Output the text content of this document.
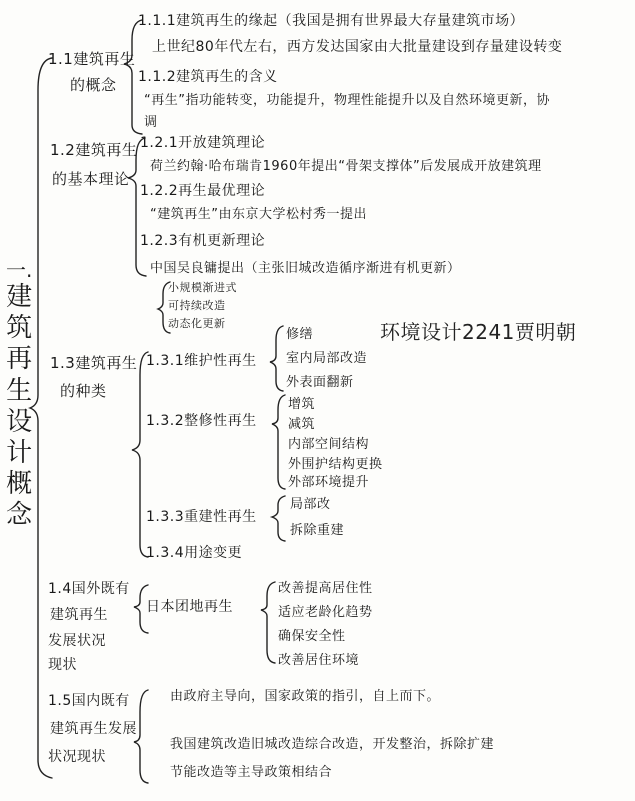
一.
建
筑
再
生
设
计
概
念
1.1建筑再生
的概念
1.1.1建筑再生的缘起（我国是拥有世界最大存量建筑市场）
上世纪80年代左右，西方发达国家由大批量建设到存量建设转变
1.1.2建筑再生的含义
“再生”指功能转变，功能提升，物理性能提升以及自然环境更新，协
调
1.2建筑再生
的基本理论
1.2.1开放建筑理论
荷兰约翰·哈布瑞肯1960年提出“骨架支撑体”后发展成开放建筑理
1.2.2再生最优理论
“建筑再生”由东京大学松村秀一提出
1.2.3有机更新理论
中国吴良镛提出（主张旧城改造循序渐进有机更新）
小规模渐进式
可持续改造
动态化更新	环境设计2241贾明朝
1.3建筑再生
的种类
1.3.1维护性再生
修缮
室内局部改造
外表面翻新
1.3.2整修性再生
增筑
减筑
内部空间结构
外围护结构更换
外部环境提升
1.3.3重建性再生
局部改
拆除重建
1.3.4用途变更
1.4国外既有
建筑再生
发展状况
现状
日本团地再生
改善提高居住性
适应老龄化趋势
确保安全性
改善居住环境
1.5国内既有
建筑再生发展
状况现状
由政府主导向，国家政策的指引，自上而下。
我国建筑改造旧城改造综合改造，开发整治，拆除扩建
节能改造等主导政策相结合
